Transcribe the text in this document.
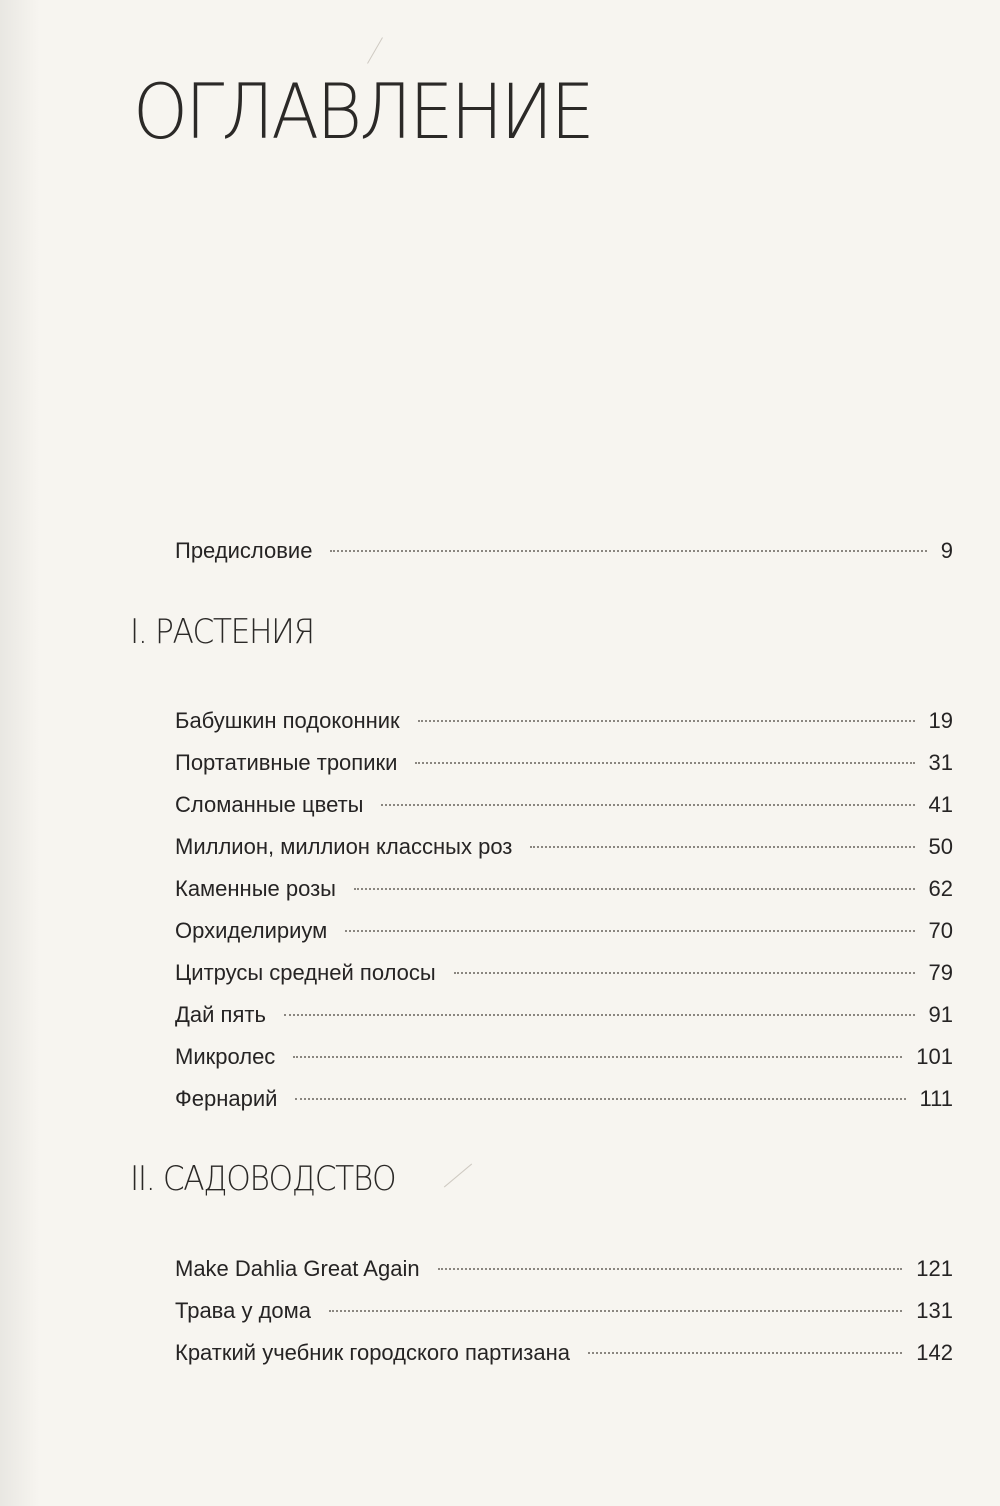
ОГЛАВЛЕНИЕ
Предисловие	9
I. РАСТЕНИЯ
Бабушкин подоконник	19
Портативные тропики	31
Сломанные цветы	41
Миллион, миллион классных роз	50
Каменные розы	62
Орхиделириум	70
Цитрусы средней полосы	79
Дай пять	91
Микролес	101
Фернарий	111
II. САДОВОДСТВО
Make Dahlia Great Again	121
Трава у дома	131
Краткий учебник городского партизана	142
